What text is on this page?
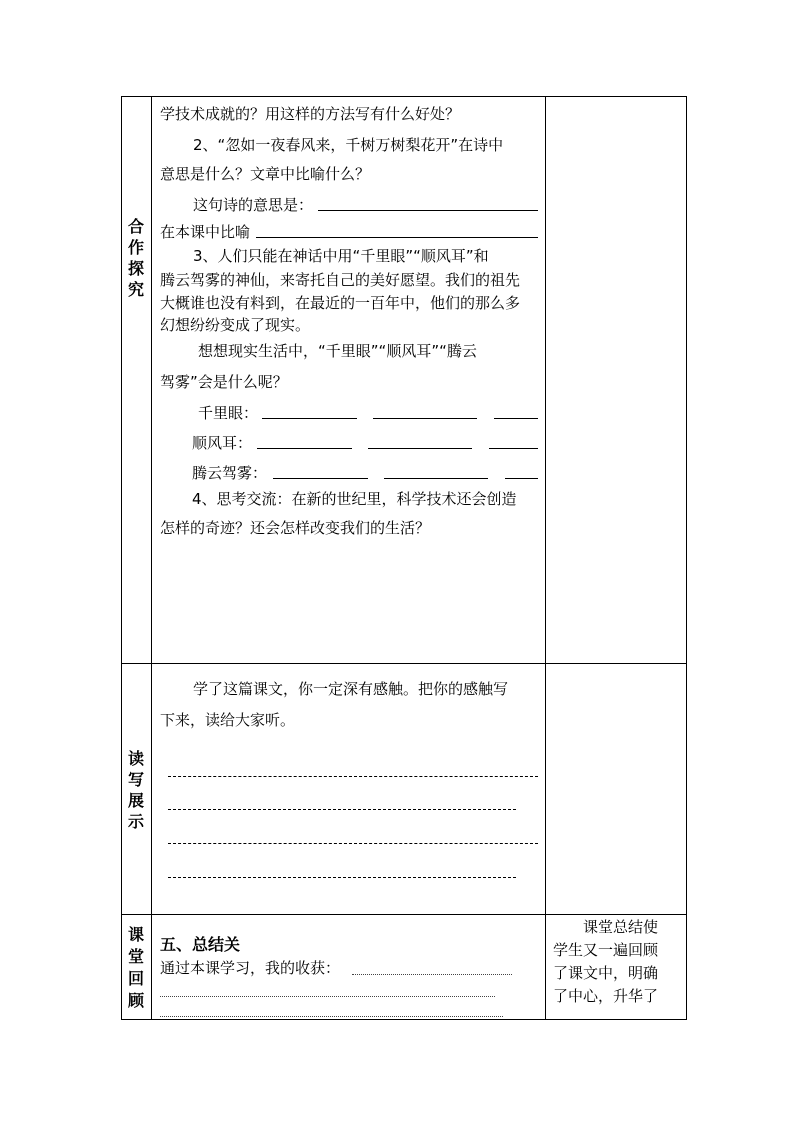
合
作
探
究
学技术成就的？用这样的方法写有什么好处？
2、“忽如一夜春风来，千树万树梨花开”在诗中
意思是什么？文章中比喻什么？
这句诗的意思是：
在本课中比喻
3、人们只能在神话中用“千里眼”“顺风耳”和
腾云驾雾的神仙，来寄托自己的美好愿望。我们的祖先
大概谁也没有料到，在最近的一百年中，他们的那么多
幻想纷纷变成了现实。
想想现实生活中，“千里眼”“顺风耳”“腾云
驾雾”会是什么呢？
千里眼：
顺风耳：
腾云驾雾：
4、思考交流：在新的世纪里，科学技术还会创造
怎样的奇迹？还会怎样改变我们的生活？
读
写
展
示
学了这篇课文，你一定深有感触。把你的感触写
下来，读给大家听。
课
堂
回
顾
五、总结关
通过本课学习，我的收获：
课堂总结使
学生又一遍回顾
了课文中，明确
了中心，升华了
